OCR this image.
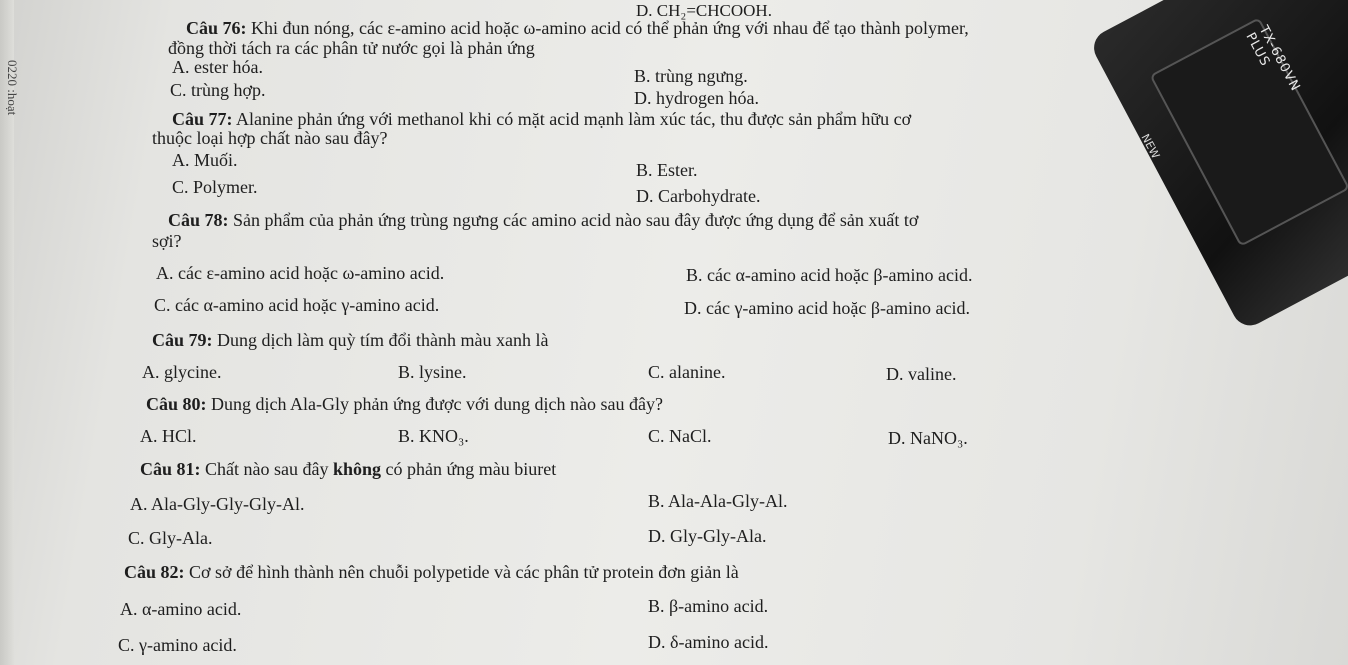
0220 :hoạt	TX-680VN PLUS
NEW
D. CH₂=CHCOOH.
Câu 76: Khi đun nóng, các ε-amino acid hoặc ω-amino acid có thể phản ứng với nhau để tạo thành polymer,
đồng thời tách ra các phân tử nước gọi là phản ứng
A. ester hóa.	B. trùng ngưng.
C. trùng hợp.	D. hydrogen hóa.
Câu 77: Alanine phản ứng với methanol khi có mặt acid mạnh làm xúc tác, thu được sản phẩm hữu cơ
thuộc loại hợp chất nào sau đây?
A. Muối.	B. Ester.
C. Polymer.	D. Carbohydrate.
Câu 78: Sản phẩm của phản ứng trùng ngưng các amino acid nào sau đây được ứng dụng để sản xuất tơ
sợi?
A. các ε-amino acid hoặc ω-amino acid.	B. các α-amino acid hoặc β-amino acid.
C. các α-amino acid hoặc γ-amino acid.	D. các γ-amino acid hoặc β-amino acid.
Câu 79: Dung dịch làm quỳ tím đổi thành màu xanh là
A. glycine.	B. lysine.	C. alanine.	D. valine.
Câu 80: Dung dịch Ala-Gly phản ứng được với dung dịch nào sau đây?
A. HCl.	B. KNO₃.	C. NaCl.	D. NaNO₃.
Câu 81: Chất nào sau đây không có phản ứng màu biuret
A. Ala-Gly-Gly-Gly-Al.	B. Ala-Ala-Gly-Al.
C. Gly-Ala.	D. Gly-Gly-Ala.
Câu 82: Cơ sở để hình thành nên chuỗi polypetide và các phân tử protein đơn giản là
A. α-amino acid.	B. β-amino acid.
C. γ-amino acid.	D. δ-amino acid.
